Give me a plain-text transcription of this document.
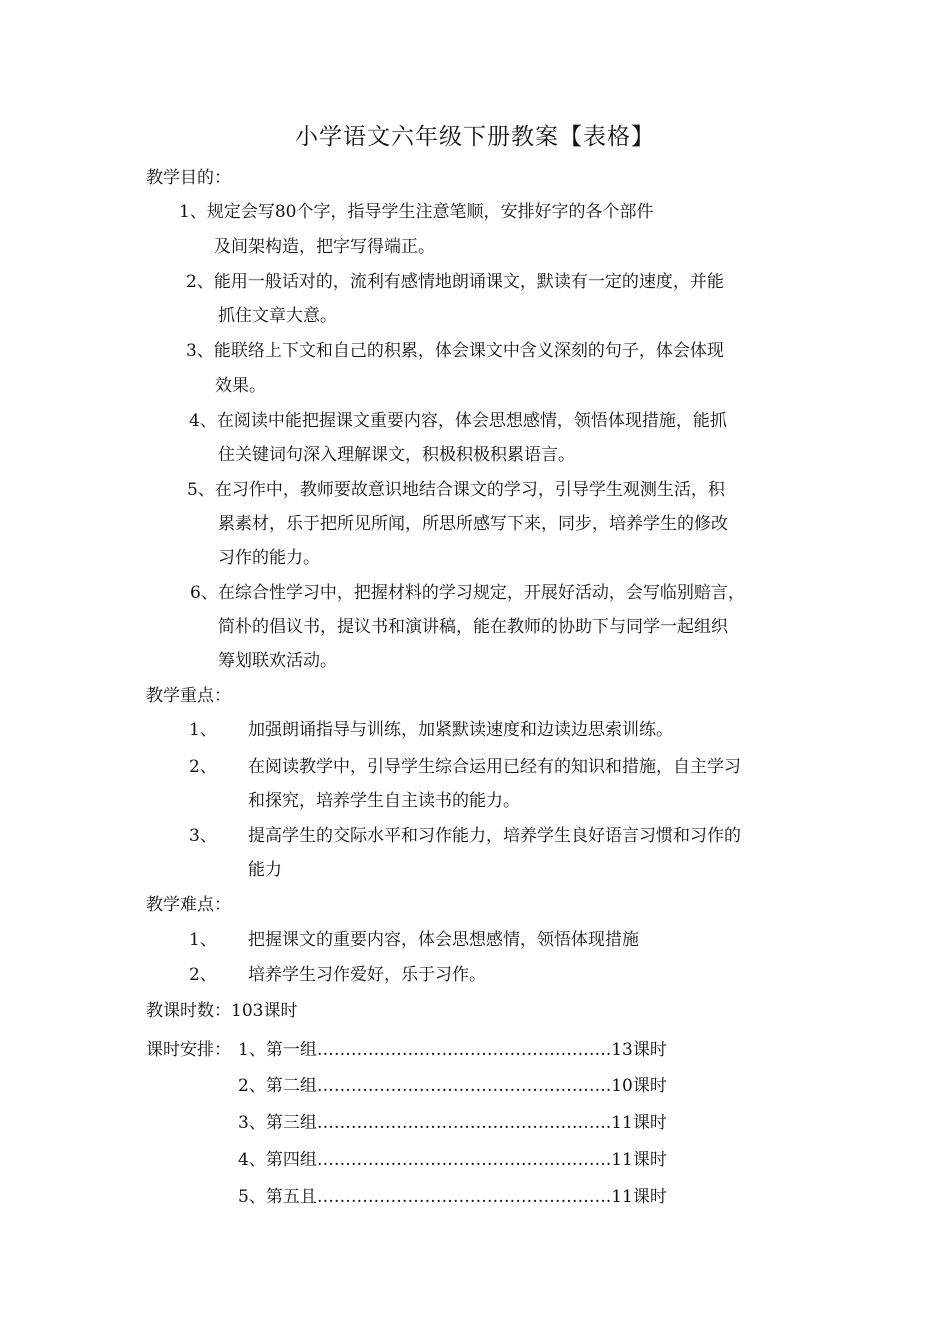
小学语文六年级下册教案【表格】
教学目的：
1、规定会写80个字，指导学生注意笔顺，安排好字的各个部件
及间架构造，把字写得端正。
2、能用一般话对的，流利有感情地朗诵课文，默读有一定的速度，并能
抓住文章大意。
3、能联络上下文和自己的积累，体会课文中含义深刻的句子，体会体现
效果。
4、在阅读中能把握课文重要内容，体会思想感情，领悟体现措施，能抓
住关键词句深入理解课文，积极积极积累语言。
5、在习作中，教师要故意识地结合课文的学习，引导学生观测生活，积
累素材，乐于把所见所闻，所思所感写下来，同步，培养学生的修改
习作的能力。
6、在综合性学习中，把握材料的学习规定，开展好活动，会写临别赔言，
简朴的倡议书，提议书和演讲稿，能在教师的协助下与同学一起组织
筹划联欢活动。
教学重点：
1、 加强朗诵指导与训练，加紧默读速度和边读边思索训练。
2、 在阅读教学中，引导学生综合运用已经有的知识和措施，自主学习
和探究，培养学生自主读书的能力。
3、 提高学生的交际水平和习作能力，培养学生良好语言习惯和习作的
能力
教学难点：
1、 把握课文的重要内容，体会思想感情，领悟体现措施
2、 培养学生习作爱好，乐于习作。
教课时数：103课时
课时安排： 1、第一组…………………………………………….13课时
2、第二组…………………………………………….10课时
3、第三组…………………………………………….11课时
4、第四组…………………………………………….11课时
5、第五且…………………………………………….11课时
